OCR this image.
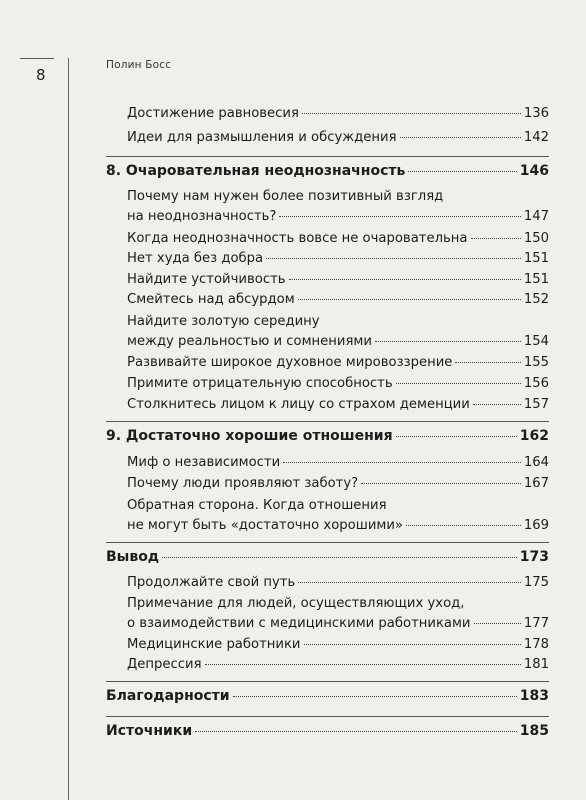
8
Полин Босс
Достижение равновесия	136
Идеи для размышления и обсуждения	142
8. Очаровательная неоднозначность	146
Почему нам нужен более позитивный взгляд
на неоднозначность?	147
Когда неоднозначность вовсе не очаровательна	150
Нет худа без добра	151
Найдите устойчивость	151
Смейтесь над абсурдом	152
Найдите золотую середину
между реальностью и сомнениями	154
Развивайте широкое духовное мировоззрение	155
Примите отрицательную способность	156
Столкнитесь лицом к лицу со страхом деменции	157
9. Достаточно хорошие отношения	162
Миф о независимости	164
Почему люди проявляют заботу?	167
Обратная сторона. Когда отношения
не могут быть «достаточно хорошими»	169
Вывод	173
Продолжайте свой путь	175
Примечание для людей, осуществляющих уход,
о взаимодействии с медицинскими работниками	177
Медицинские работники	178
Депрессия	181
Благодарности	183
Источники	185
